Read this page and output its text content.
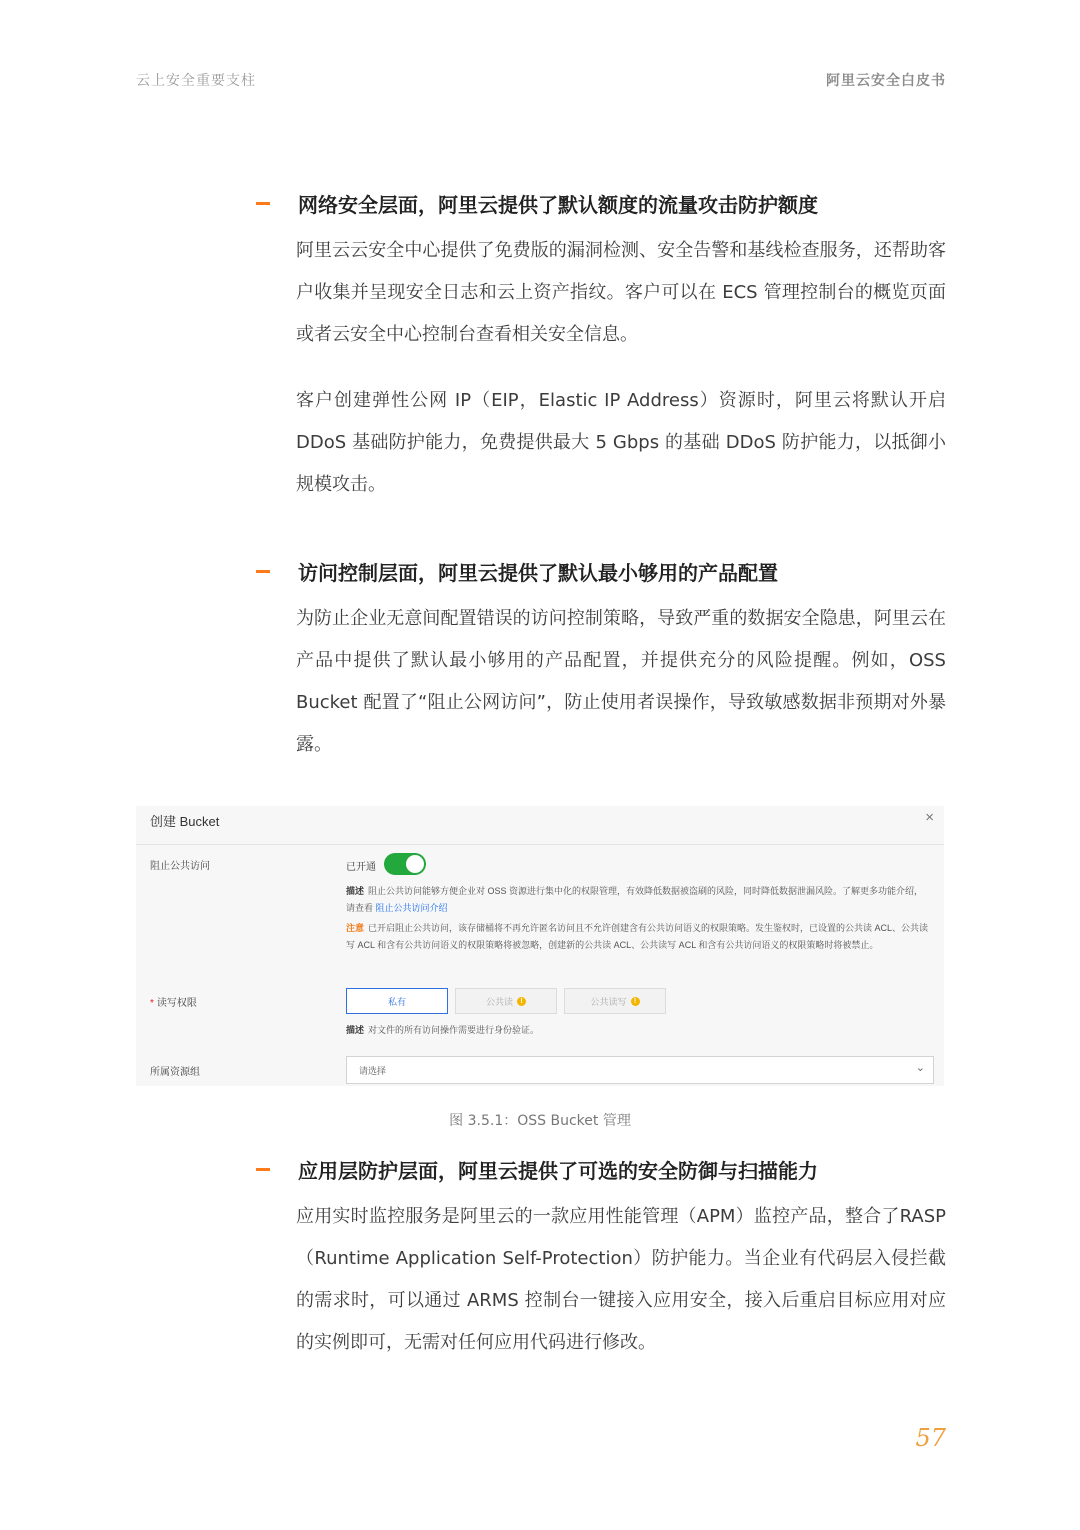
云上安全重要支柱	阿里云安全白皮书
网络安全层面，阿里云提供了默认额度的流量攻击防护额度

阿里云云安全中心提供了免费版的漏洞检测、安全告警和基线检查服务，还帮助客户收集并呈现安全日志和云上资产指纹。客户可以在 ECS 管理控制台的概览页面或者云安全中心控制台查看相关安全信息。

客户创建弹性公网 IP（EIP，Elastic IP Address）资源时，阿里云将默认开启 DDoS 基础防护能力，免费提供最大 5 Gbps 的基础 DDoS 防护能力，以抵御小规模攻击。

访问控制层面，阿里云提供了默认最小够用的产品配置

为防止企业无意间配置错误的访问控制策略，导致严重的数据安全隐患，阿里云在产品中提供了默认最小够用的产品配置，并提供充分的风险提醒。例如，OSS Bucket 配置了“阻止公网访问”，防止使用者误操作，导致敏感数据非预期对外暴露。

创建 Bucket	×
阻止公共访问	已开通
描述 阻止公共访问能够方便企业对 OSS 资源进行集中化的权限管理，有效降低数据被盗刷的风险，同时降低数据泄漏风险。了解更多功能介绍，请查看 阻止公共访问介绍
注意 已开启阻止公共访问，该存储桶将不再允许匿名访问且不允许创建含有公共访问语义的权限策略。发生鉴权时，已设置的公共读 ACL、公共读写 ACL 和含有公共访问语义的权限策略将被忽略，创建新的公共读 ACL、公共读写 ACL 和含有公共访问语义的权限策略时将被禁止。
* 读写权限	私有	公共读	!	公共读写	!
描述 对文件的所有访问操作需要进行身份验证。
所属资源组	请选择	⌄
图 3.5.1：OSS Bucket 管理
应用层防护层面，阿里云提供了可选的安全防御与扫描能力

应用实时监控服务是阿里云的一款应用性能管理（APM）监控产品，整合了RASP（Runtime Application Self-Protection）防护能力。当企业有代码层入侵拦截的需求时，可以通过 ARMS 控制台一键接入应用安全，接入后重启目标应用对应的实例即可，无需对任何应用代码进行修改。

57
